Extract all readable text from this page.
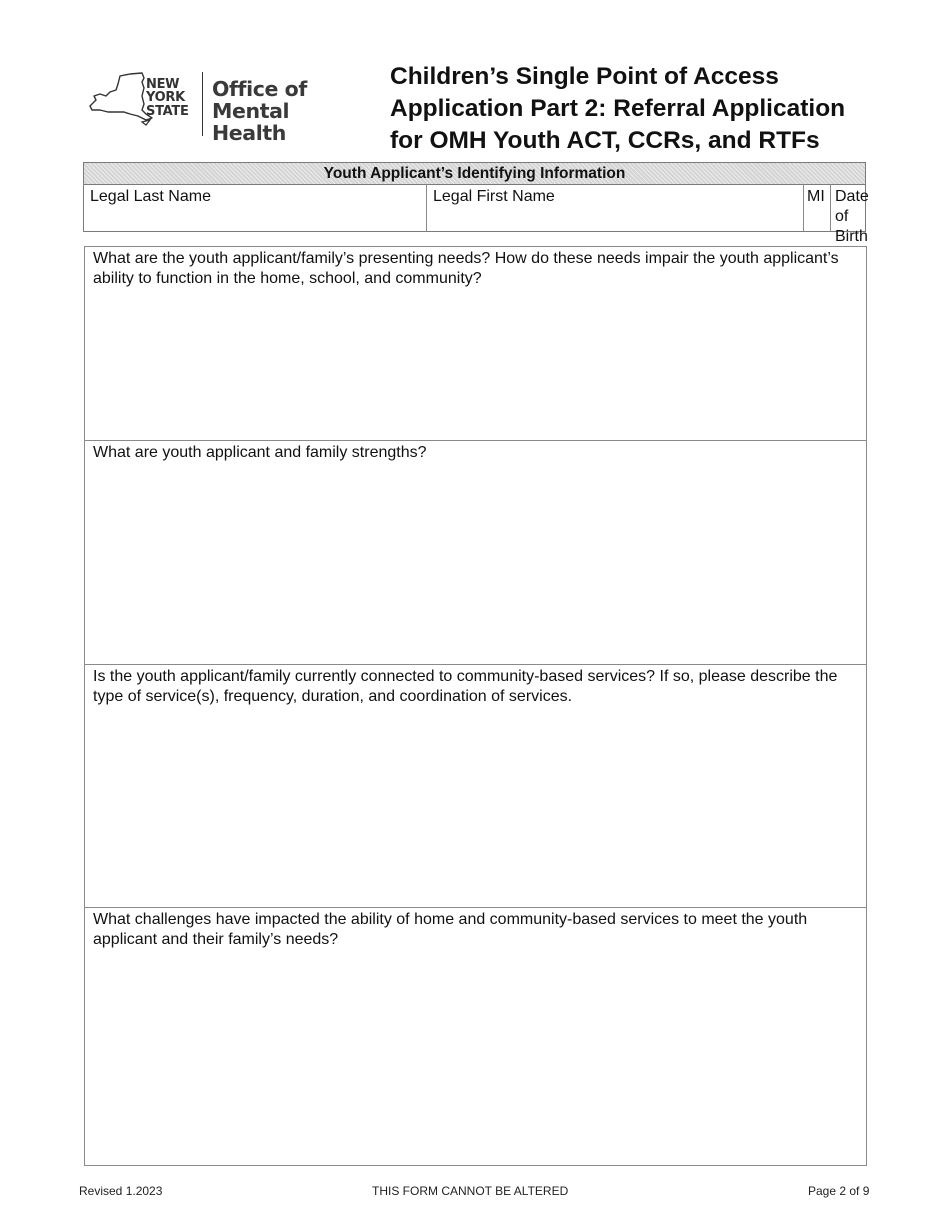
NEW
YORK
STATE
Office of
Mental Health
Children’s Single Point of Access
Application Part 2: Referral Application
for OMH Youth ACT, CCRs, and RTFs
Youth Applicant’s Identifying Information
Legal Last Name	Legal First Name	MI Date of Birth
What are the youth applicant/family’s presenting needs? How do these needs impair the youth applicant’s ability to function in the home, school, and community?
What are youth applicant and family strengths?
Is the youth applicant/family currently connected to community-based services? If so, please describe the type of service(s), frequency, duration, and coordination of services.
What challenges have impacted the ability of home and community-based services to meet the youth applicant and their family’s needs?
Revised 1.2023	THIS FORM CANNOT BE ALTERED	Page 2 of 9
